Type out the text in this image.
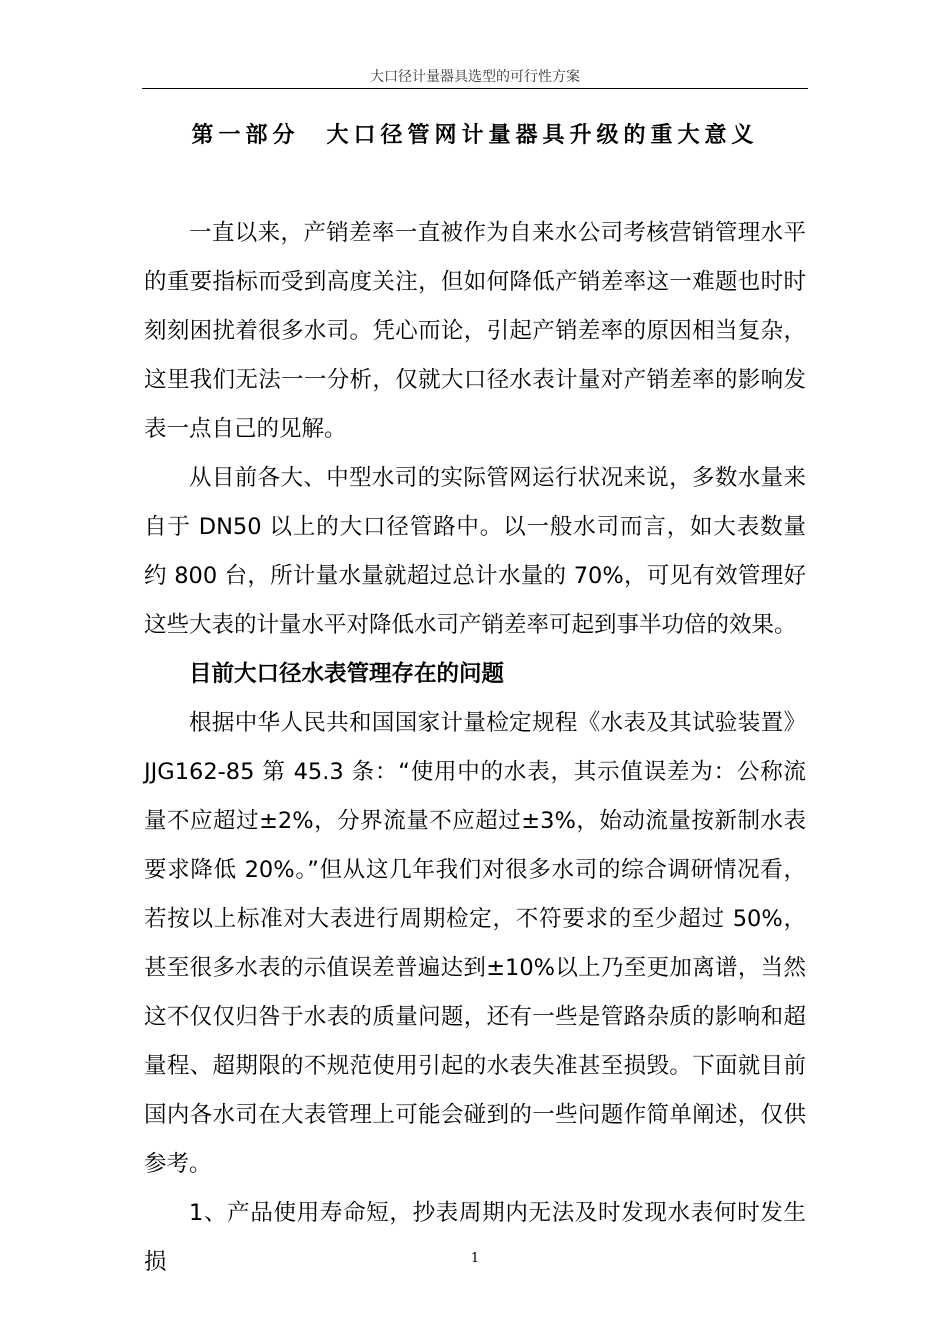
大口径计量器具选型的可行性方案
第一部分　大口径管网计量器具升级的重大意义

一直以来，产销差率一直被作为自来水公司考核营销管理水平的重要指标而受到高度关注，但如何降低产销差率这一难题也时时刻刻困扰着很多水司。凭心而论，引起产销差率的原因相当复杂，这里我们无法一一分析，仅就大口径水表计量对产销差率的影响发表一点自己的见解。

从目前各大、中型水司的实际管网运行状况来说，多数水量来自于 DN50 以上的大口径管路中。以一般水司而言，如大表数量约 800 台，所计量水量就超过总计水量的 70%，可见有效管理好这些大表的计量水平对降低水司产销差率可起到事半功倍的效果。

目前大口径水表管理存在的问题

根据中华人民共和国国家计量检定规程《水表及其试验装置》JJG162-85 第 45.3 条：“使用中的水表，其示值误差为：公称流量不应超过±2%，分界流量不应超过±3%，始动流量按新制水表要求降低 20%。”但从这几年我们对很多水司的综合调研情况看，若按以上标准对大表进行周期检定，不符要求的至少超过 50%，甚至很多水表的示值误差普遍达到±10%以上乃至更加离谱，当然这不仅仅归咎于水表的质量问题，还有一些是管路杂质的影响和超量程、超期限的不规范使用引起的水表失准甚至损毁。下面就目前国内各水司在大表管理上可能会碰到的一些问题作简单阐述，仅供参考。

1、产品使用寿命短，抄表周期内无法及时发现水表何时发生损	1
